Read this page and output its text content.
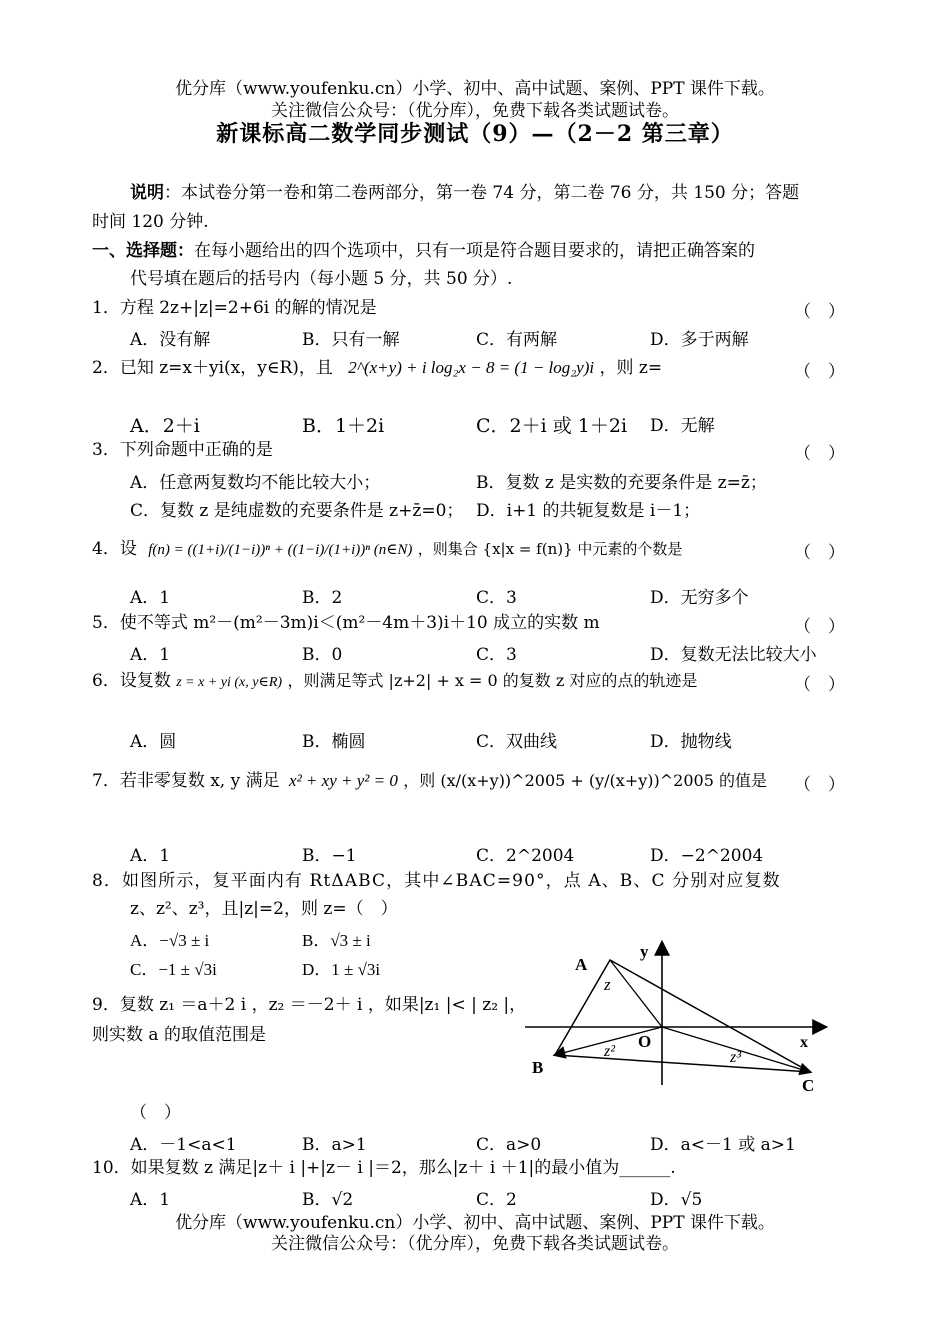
优分库（www.youfenku.cn）小学、初中、高中试题、案例、PPT 课件下载。
关注微信公众号：（优分库），免费下载各类试题试卷。
新课标高二数学同步测试（9）—（2－2 第三章）
说明：本试卷分第一卷和第二卷两部分，第一卷 74 分，第二卷 76 分，共 150 分；答题
时间 120 分钟.
一、选择题：在每小题给出的四个选项中，只有一项是符合题目要求的，请把正确答案的
代号填在题后的括号内（每小题 5 分，共 50 分）.
1．方程 2z+|z|=2+6i 的解的情况是	（　）
A．没有解	B．只有一解	C．有两解	D．多于两解
2．已知 z=x＋yi(x，y∈R)，且 2^(x+y) + i log₂x − 8 = (1 − log₂y)i ，则 z=	（　）
A．2＋i	B．1＋2i	C．2＋i 或 1＋2i D．无解
3．下列命题中正确的是	（　）
A．任意两复数均不能比较大小；	B．复数 z 是实数的充要条件是 z=z̄；
C．复数 z 是纯虚数的充要条件是 z+z̄=0； D．i+1 的共轭复数是 i－1；
4．设 f(n) = ((1+i)/(1−i))ⁿ + ((1−i)/(1+i))ⁿ (n∈N) ，则集合 {x|x = f(n)} 中元素的个数是	（　）
A．1	B．2	C．3	D．无穷多个
5．使不等式 m²－(m²－3m)i＜(m²－4m＋3)i＋10 成立的实数 m	（　）
A．1	B．0	C．3	D．复数无法比较大小
6．设复数 z = x + yi (x, y∈R) ，则满足等式 |z+2| + x = 0 的复数 z 对应的点的轨迹是	（　）
A．圆	B．椭圆	C．双曲线	D．抛物线
7．若非零复数 x, y 满足 x² + xy + y² = 0 ，则 (x/(x+y))^2005 + (y/(x+y))^2005 的值是 （　）
A．1	B．−1	C．2^2004	D．−2^2004
8．如图所示，复平面内有 RtΔABC，其中∠BAC=90°，点 A、B、C 分别对应复数
z、z²、z³，且|z|=2，则 z=（　）
A．−√3 ± i	B．√3 ± i
C．−1 ± √3i	D．1 ± √3i
y
x
O
A
B
C
z
z²	z³
9．复数 z₁ ＝a＋2 i ，z₂ ＝－2＋ i ，如果|z₁ |< | z₂ |，则实数 a 的取值范围是
（　）
A．－1<a<1	B．a>1	C．a>0	D．a<－1 或 a>1
10．如果复数 z 满足|z＋ i |+|z－ i |＝2，那么|z＋ i ＋1|的最小值为______.
A．1	B．√2	C．2	D．√5
优分库（www.youfenku.cn）小学、初中、高中试题、案例、PPT 课件下载。
关注微信公众号：（优分库），免费下载各类试题试卷。
